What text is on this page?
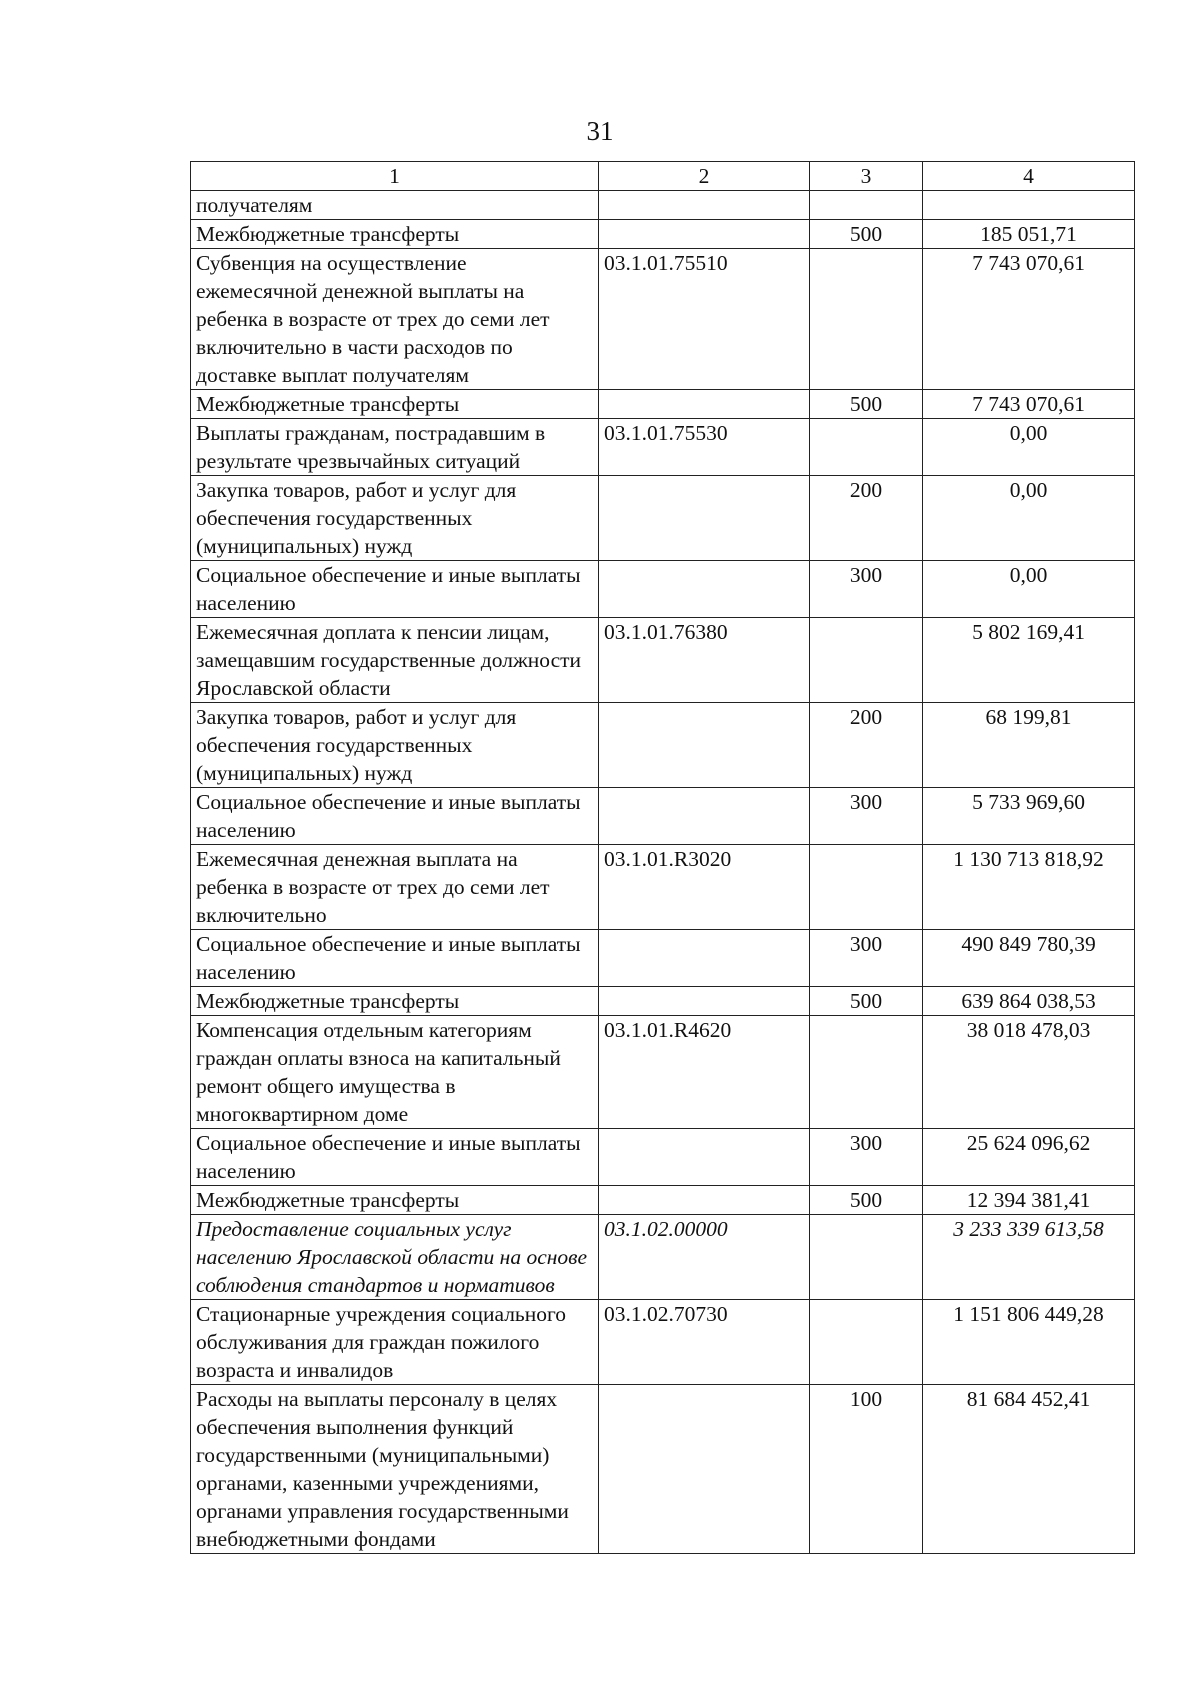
31
1	2	3	4
получателям			
Межбюджетные трансферты		500	185 051,71
Субвенция на осуществление ежемесячной денежной выплаты на ребенка в возрасте от трех до семи лет включительно в части расходов по доставке выплат получателям	03.1.01.75510		7 743 070,61
Межбюджетные трансферты		500	7 743 070,61
Выплаты гражданам, пострадавшим в результате чрезвычайных ситуаций	03.1.01.75530		0,00
Закупка товаров, работ и услуг для обеспечения государственных (муниципальных) нужд		200	0,00
Социальное обеспечение и иные выплаты населению		300	0,00
Ежемесячная доплата к пенсии лицам, замещавшим государственные должности Ярославской области	03.1.01.76380		5 802 169,41
Закупка товаров, работ и услуг для обеспечения государственных (муниципальных) нужд		200	68 199,81
Социальное обеспечение и иные выплаты населению		300	5 733 969,60
Ежемесячная денежная выплата на ребенка в возрасте от трех до семи лет включительно	03.1.01.R3020		1 130 713 818,92
Социальное обеспечение и иные выплаты населению		300	490 849 780,39
Межбюджетные трансферты		500	639 864 038,53
Компенсация отдельным категориям граждан оплаты взноса на капитальный ремонт общего имущества в многоквартирном доме	03.1.01.R4620		38 018 478,03
Социальное обеспечение и иные выплаты населению		300	25 624 096,62
Межбюджетные трансферты		500	12 394 381,41
Предоставление социальных услуг населению Ярославской области на основе соблюдения стандартов и нормативов	03.1.02.00000		3 233 339 613,58
Стационарные учреждения социального обслуживания для граждан пожилого возраста и инвалидов	03.1.02.70730		1 151 806 449,28
Расходы на выплаты персоналу в целях обеспечения выполнения функций государственными (муниципальными) органами, казенными учреждениями, органами управления государственными внебюджетными фондами		100	81 684 452,41
